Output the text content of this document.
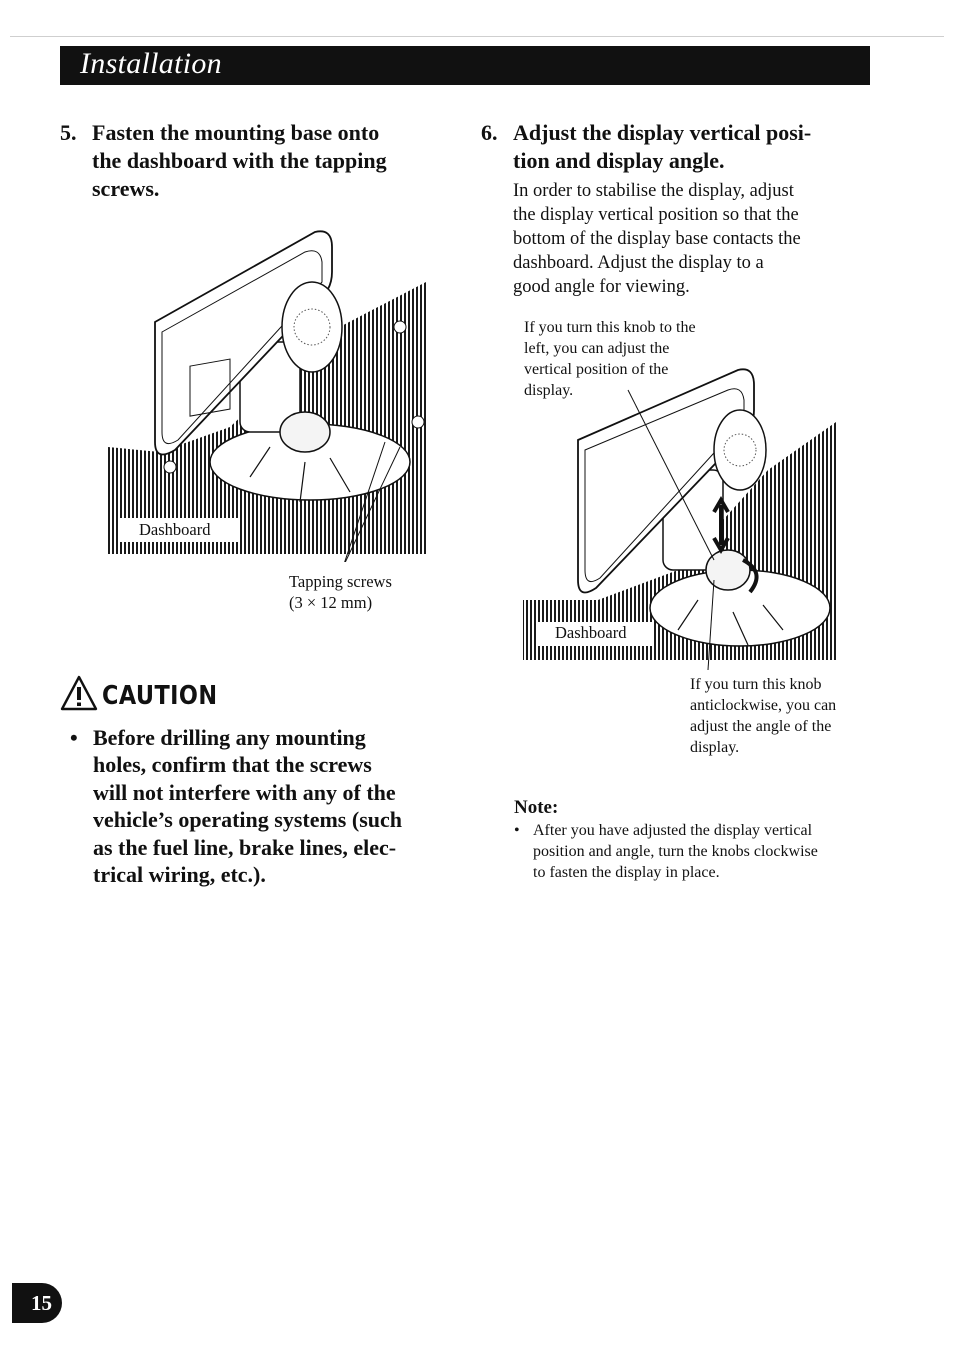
Installation
5. Fasten the mounting base onto
the dashboard with the tapping
screws.
Dashboard
Tapping screws
(3 × 12 mm)
CAUTION
• Before drilling any mounting
holes, confirm that the screws
will not interfere with any of the
vehicle’s operating systems (such
as the fuel line, brake lines, elec-
trical wiring, etc.).
6. Adjust the display vertical posi-
tion and display angle.
In order to stabilise the display, adjust
the display vertical position so that the
bottom of the display base contacts the
dashboard. Adjust the display to a
good angle for viewing.
If you turn this knob to the
left, you can adjust the
vertical position of the
display.
Dashboard
If you turn this knob
anticlockwise, you can
adjust the angle of the
display.
Note:
• After you have adjusted the display vertical
position and angle, turn the knobs clockwise
to fasten the display in place.
15
